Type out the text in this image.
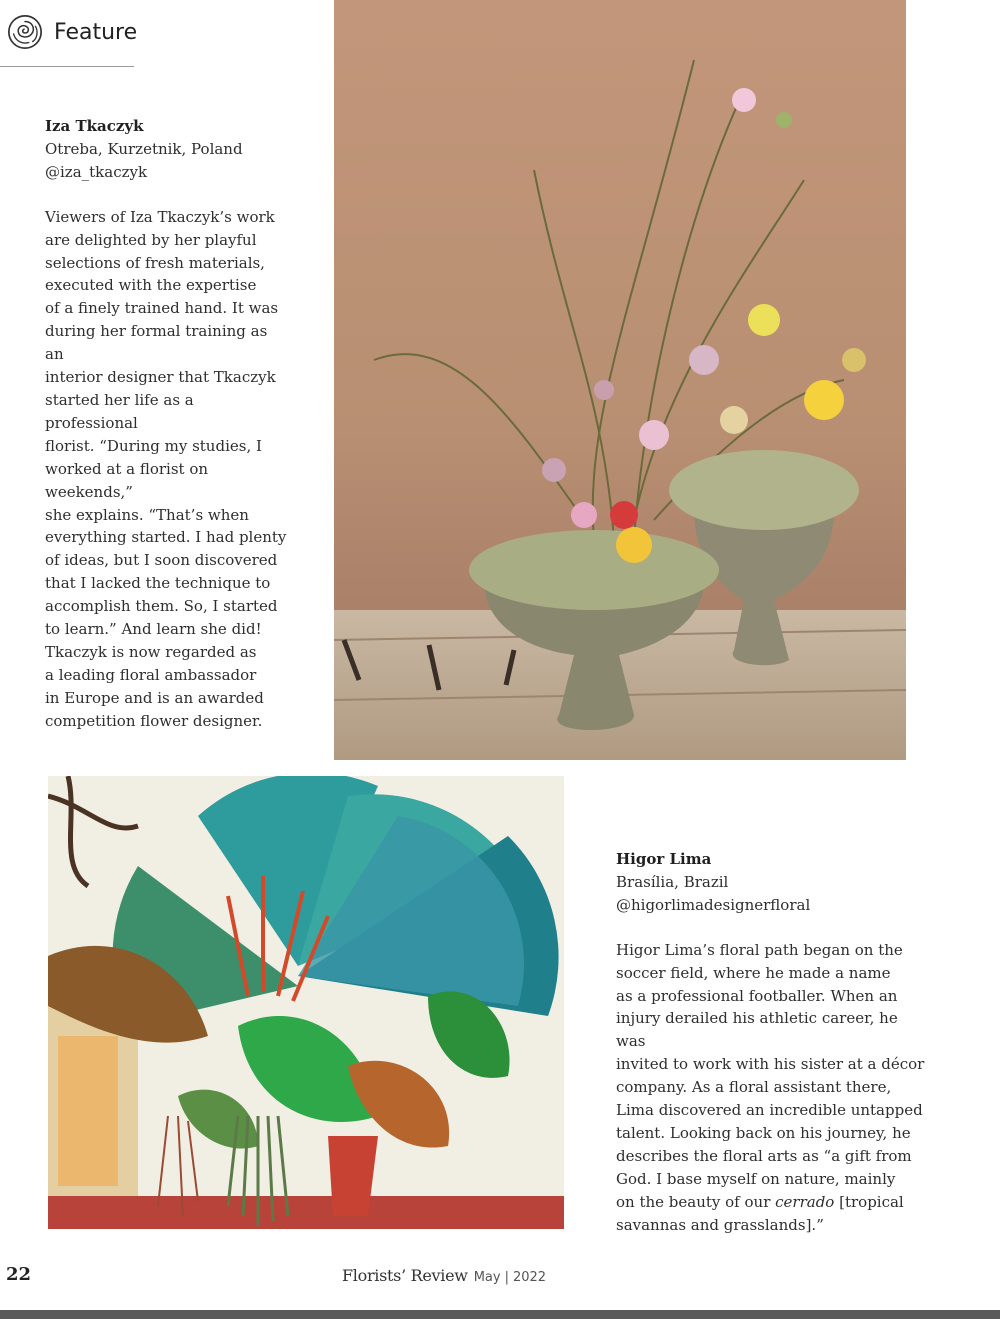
Feature

Iza Tkaczyk

Otreba, Kurzetnik, Poland

@iza_tkaczyk

Viewers of Iza Tkaczyk’s work

are delighted by her playful

selections of fresh materials,

executed with the expertise

of a finely trained hand. It was

during her formal training as an

interior designer that Tkaczyk

started her life as a professional

florist. “During my studies, I

worked at a florist on weekends,”

she explains. “That’s when

everything started. I had plenty

of ideas, but I soon discovered

that I lacked the technique to

accomplish them. So, I started

to learn.” And learn she did!

Tkaczyk is now regarded as

a leading floral ambassador

in Europe and is an awarded

competition flower designer.

Higor Lima

Brasília, Brazil

@higorlimadesignerfloral

Higor Lima’s floral path began on the

soccer field, where he made a name

as a professional footballer. When an

injury derailed his athletic career, he was

invited to work with his sister at a décor

company. As a floral assistant there,

Lima discovered an incredible untapped

talent. Looking back on his journey, he

describes the floral arts as “a gift from

God. I base myself on nature, mainly

on the beauty of our cerrado [tropical

savannas and grasslands].”

22	Florists’ Review May | 2022
